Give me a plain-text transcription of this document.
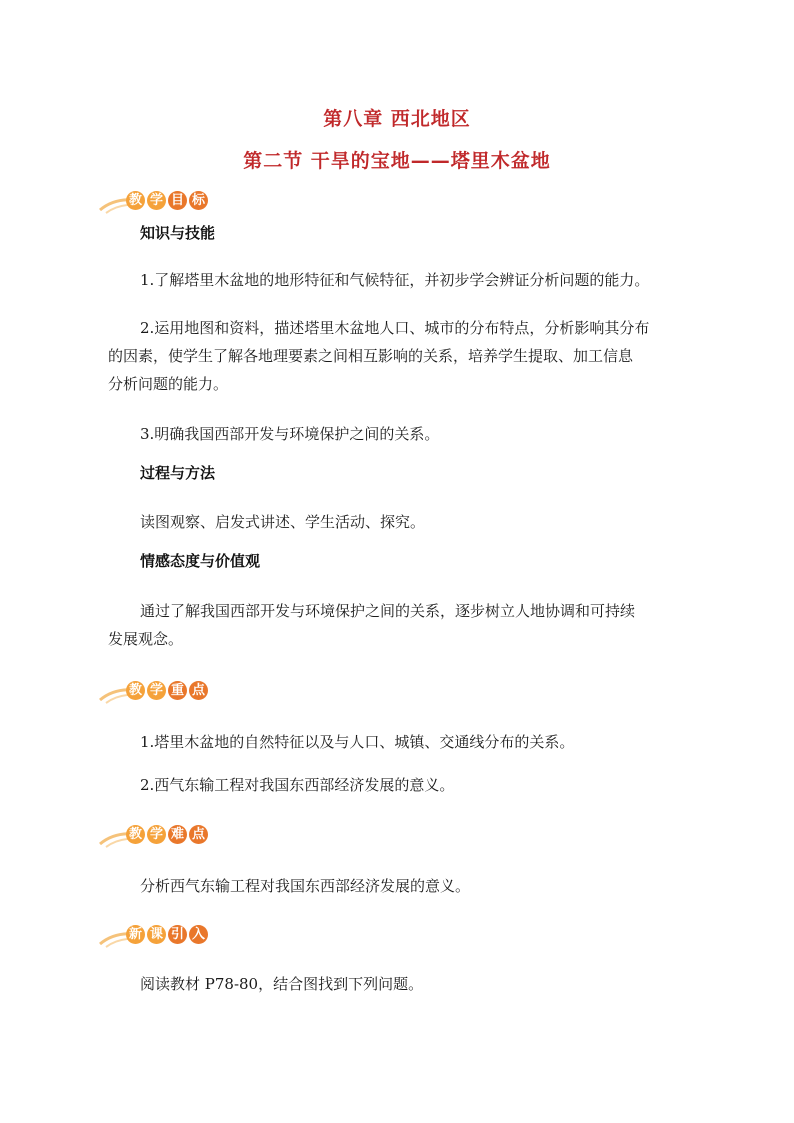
第八章 西北地区
第二节 干旱的宝地——塔里木盆地
教 学 目 标
知识与技能
1.了解塔里木盆地的地形特征和气候特征，并初步学会辨证分析问题的能力。
2.运用地图和资料，描述塔里木盆地人口、城市的分布特点，分析影响其分布
的因素，使学生了解各地理要素之间相互影响的关系，培养学生提取、加工信息
分析问题的能力。
3.明确我国西部开发与环境保护之间的关系。
过程与方法
读图观察、启发式讲述、学生活动、探究。
情感态度与价值观
通过了解我国西部开发与环境保护之间的关系，逐步树立人地协调和可持续
发展观念。
教 学 重 点
1.塔里木盆地的自然特征以及与人口、城镇、交通线分布的关系。
2.西气东输工程对我国东西部经济发展的意义。
教 学 难 点
分析西气东输工程对我国东西部经济发展的意义。
新 课 引 入
阅读教材 P78-80，结合图找到下列问题。
